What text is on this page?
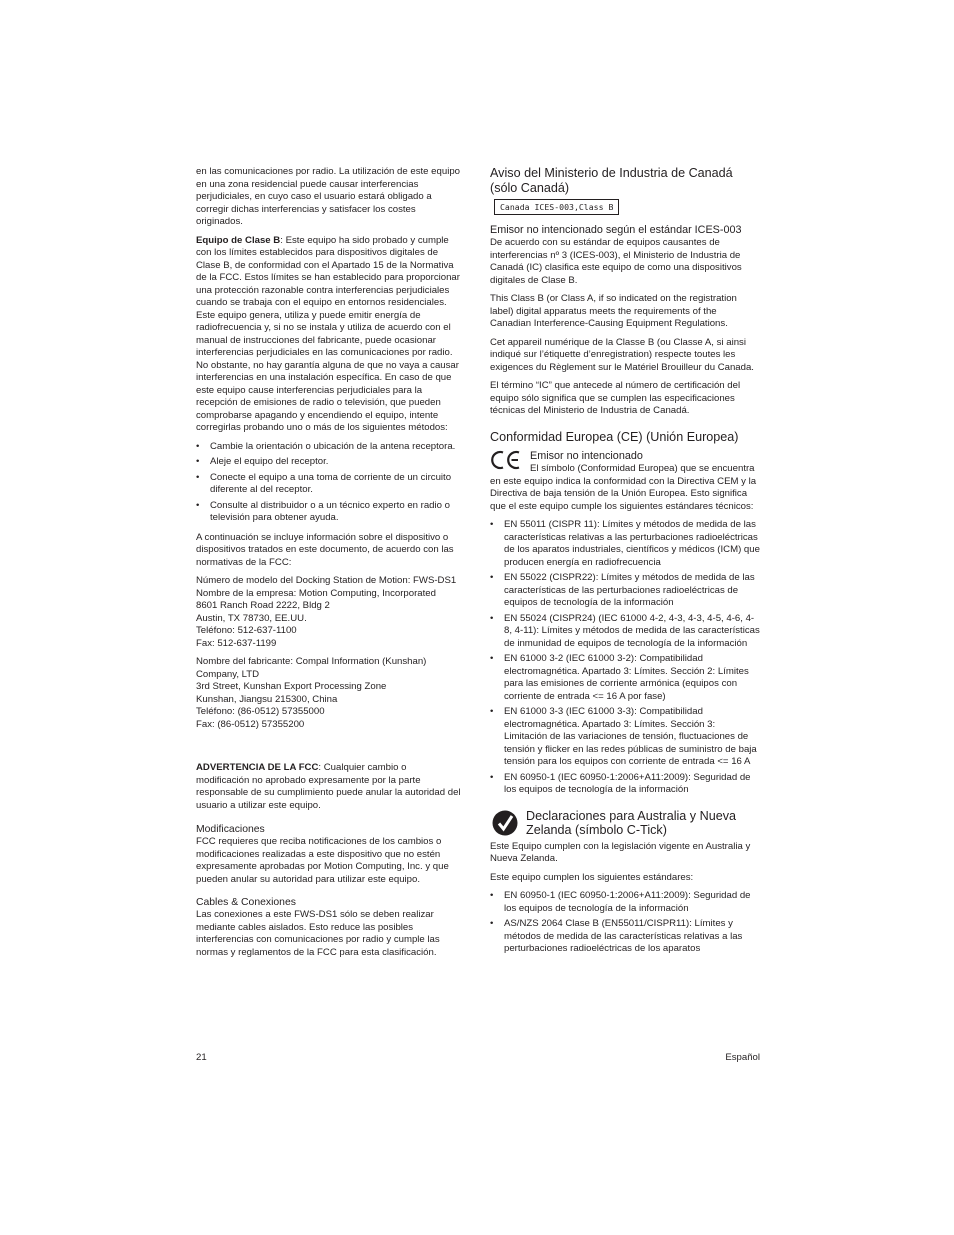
en las comunicaciones por radio. La utilización de este equipo en una zona residencial puede causar interferencias perjudiciales, en cuyo caso el usuario estará obligado a corregir dichas interferencias y satisfacer los costes originados.

Equipo de Clase B: Este equipo ha sido probado y cumple con los límites establecidos para dispositivos digitales de Clase B, de conformidad con el Apartado 15 de la Normativa de la FCC. Estos límites se han establecido para proporcionar una protección razonable contra interferencias perjudiciales cuando se trabaja con el equipo en entornos residenciales. Este equipo genera, utiliza y puede emitir energía de radiofrecuencia y, si no se instala y utiliza de acuerdo con el manual de instrucciones del fabricante, puede ocasionar interferencias perjudiciales en las comunicaciones por radio. No obstante, no hay garantía alguna de que no vaya a causar interferencias en una instalación específica. En caso de que este equipo cause interferencias perjudiciales para la recepción de emisiones de radio o televisión, que pueden comprobarse apagando y encendiendo el equipo, intente corregirlas probando uno o más de los siguientes métodos:

• Cambie la orientación o ubicación de la antena receptora.
• Aleje el equipo del receptor.
• Conecte el equipo a una toma de corriente de un circuito diferente al del receptor.
• Consulte al distribuidor o a un técnico experto en radio o televisión para obtener ayuda.

A continuación se incluye información sobre el dispositivo o dispositivos tratados en este documento, de acuerdo con las normativas de la FCC:

Número de modelo del Docking Station de Motion: FWS-DS1
Nombre de la empresa: Motion Computing, Incorporated
8601 Ranch Road 2222, Bldg 2
Austin, TX 78730, EE.UU.
Teléfono: 512-637-1100
Fax: 512-637-1199

Nombre del fabricante: Compal Information (Kunshan) Company, LTD
3rd Street, Kunshan Export Processing Zone
Kunshan, Jiangsu 215300, China
Teléfono: (86-0512) 57355000
Fax: (86-0512) 57355200

ADVERTENCIA DE LA FCC: Cualquier cambio o modificación no aprobado expresamente por la parte responsable de su cumplimiento puede anular la autoridad del usuario a utilizar este equipo.

Modificaciones

FCC requieres que reciba notificaciones de los cambios o modificaciones realizadas a este dispositivo que no estén expresamente aprobadas por Motion Computing, Inc. y que pueden anular su autoridad para utilizar este equipo.

Cables & Conexiones

Las conexiones a este FWS-DS1 sólo se deben realizar mediante cables aislados. Esto reduce las posibles interferencias con comunicaciones por radio y cumple las normas y reglamentos de la FCC para esta clasificación.

Aviso del Ministerio de Industria de Canadá (sólo Canadá)
Canada ICES-003,Class B
Emisor no intencionado según el estándar ICES-003

De acuerdo con su estándar de equipos causantes de interferencias nº 3 (ICES-003), el Ministerio de Industria de Canadá (IC) clasifica este equipo de como una dispositivos digitales de Clase B.

This Class B (or Class A, if so indicated on the registration label) digital apparatus meets the requirements of the Canadian Interference-Causing Equipment Regulations.

Cet appareil numérique de la Classe B (ou Classe A, si ainsi indiqué sur l’étiquette d’enregistration) respecte toutes les exigences du Règlement sur le Matériel Brouilleur du Canada.

El término “IC” que antecede al número de certificación del equipo sólo significa que se cumplen las especificaciones técnicas del Ministerio de Industria de Canadá.

Conformidad Europea (CE) (Unión Europea)
Emisor no intencionado

El símbolo (Conformidad Europea) que se encuentra en este equipo indica la conformidad con la Directiva CEM y la Directiva de baja tensión de la Unión Europea. Esto significa que el este equipo cumple los siguientes estándares técnicos:

• EN 55011 (CISPR 11): Límites y métodos de medida de las características relativas a las perturbaciones radioeléctricas de los aparatos industriales, científicos y médicos (ICM) que producen energía en radiofrecuencia
• EN 55022 (CISPR22): Límites y métodos de medida de las características de las perturbaciones radioeléctricas de equipos de tecnología de la información
• EN 55024 (CISPR24) (IEC 61000 4-2, 4-3, 4-3, 4-5, 4-6, 4-8, 4-11): Límites y métodos de medida de las características de inmunidad de equipos de tecnología de la información
• EN 61000 3-2 (IEC 61000 3-2): Compatibilidad electromagnética. Apartado 3: Límites. Sección 2: Límites para las emisiones de corriente armónica (equipos con corriente de entrada <= 16 A por fase)
• EN 61000 3-3 (IEC 61000 3-3): Compatibilidad electromagnética. Apartado 3: Límites. Sección 3: Limitación de las variaciones de tensión, fluctuaciones de tensión y flicker en las redes públicas de suministro de baja tensión para los equipos con corriente de entrada <= 16 A
• EN 60950-1 (IEC 60950-1:2006+A11:2009): Seguridad de los equipos de tecnología de la información
Declaraciones para Australia y Nueva Zelanda (símbolo C-Tick)

Este Equipo cumplen con la legislación vigente en Australia y Nueva Zelanda.

Este equipo cumplen los siguientes estándares:

• EN 60950-1 (IEC 60950-1:2006+A11:2009): Seguridad de los equipos de tecnología de la información
• AS/NZS 2064 Clase B (EN55011/CISPR11): Límites y métodos de medida de las características relativas a las perturbaciones radioeléctricas de los aparatos
21	Español
